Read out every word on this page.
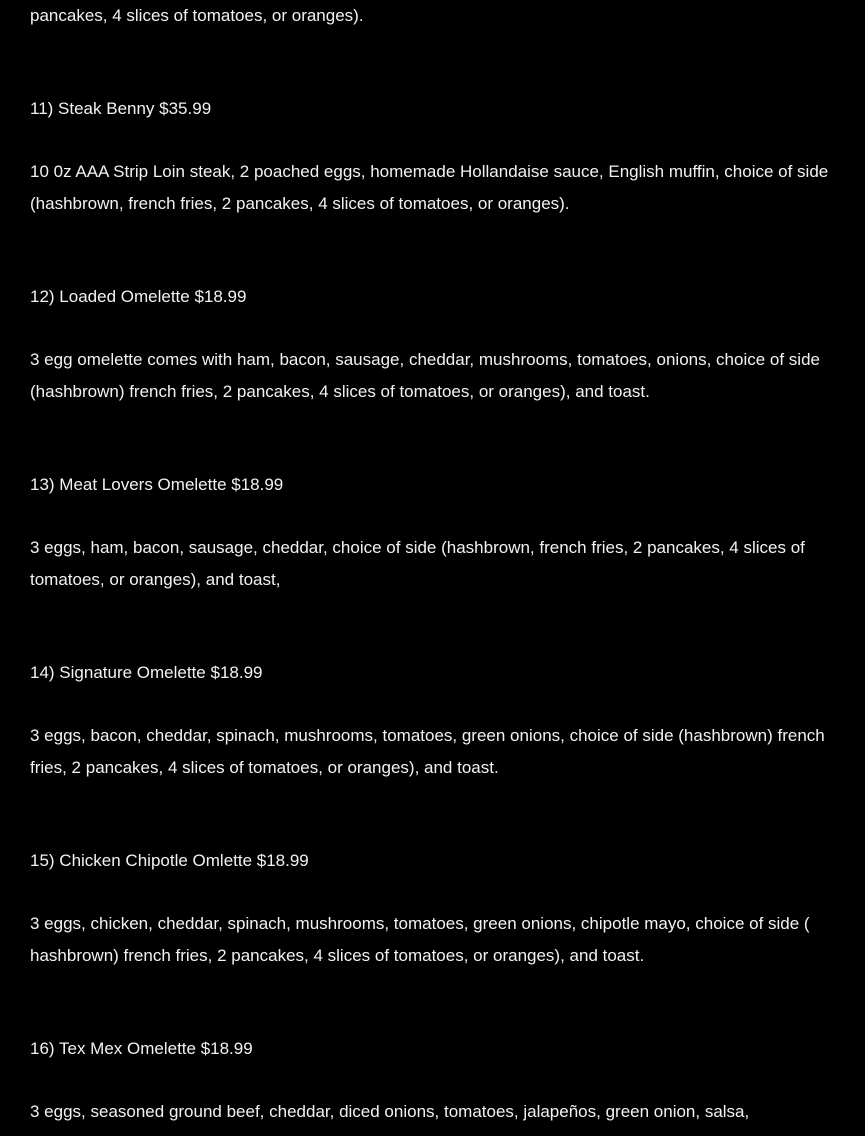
pancakes, 4 slices of tomatoes, or oranges).

11) Steak Benny $35.99

10 0z AAA Strip Loin steak, 2 poached eggs, homemade Hollandaise sauce, English muffin, choice of side (hashbrown, french fries, 2 pancakes, 4 slices of tomatoes, or oranges).

12) Loaded Omelette $18.99

3 egg omelette comes with ham, bacon, sausage, cheddar, mushrooms, tomatoes, onions, choice of side (hashbrown) french fries, 2 pancakes, 4 slices of tomatoes, or oranges), and toast.

13) Meat Lovers Omelette $18.99

3 eggs, ham, bacon, sausage, cheddar, choice of side (hashbrown, french fries, 2 pancakes, 4 slices of tomatoes, or oranges), and toast,

14) Signature Omelette $18.99

3 eggs, bacon, cheddar, spinach, mushrooms, tomatoes, green onions, choice of side (hashbrown) french fries, 2 pancakes, 4 slices of tomatoes, or oranges), and toast.

15) Chicken Chipotle Omlette $18.99

3 eggs, chicken, cheddar, spinach, mushrooms, tomatoes, green onions, chipotle mayo, choice of side ( hashbrown) french fries, 2 pancakes, 4 slices of tomatoes, or oranges), and toast.

16) Tex Mex Omelette $18.99

3 eggs, seasoned ground beef, cheddar, diced onions, tomatoes, jalapeños, green onion, salsa,
